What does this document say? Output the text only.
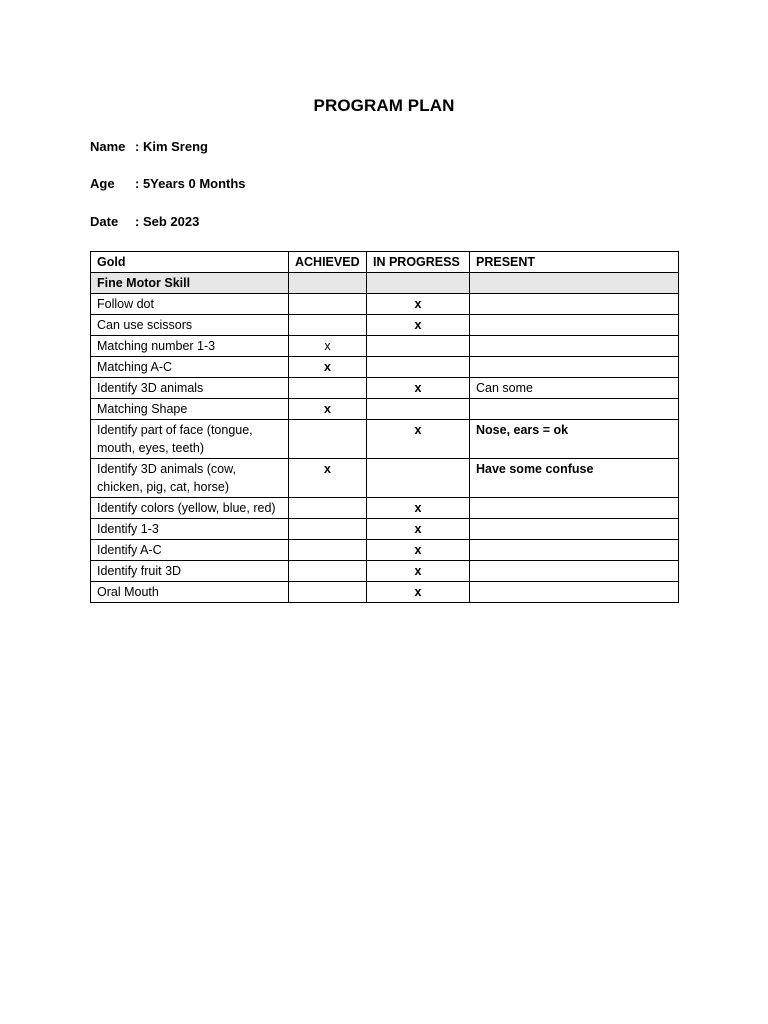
PROGRAM PLAN
Name : Kim Sreng
Age	: 5Years 0 Months
Date	: Seb 2023
Gold	ACHIEVED	IN PROGRESS	PRESENT
Fine Motor Skill			
Follow dot		x	
Can use scissors		x	
Matching number 1-3	x		
Matching A-C	x		
Identify 3D animals		x	Can some
Matching Shape	x		
Identify part of face (tongue, mouth, eyes, teeth)		x	Nose, ears = ok
Identify 3D animals (cow, chicken, pig, cat, horse)	x		Have some confuse
Identify colors (yellow, blue, red)		x	
Identify 1-3		x	
Identify A-C		x	
Identify fruit 3D		x	
Oral Mouth		x	
